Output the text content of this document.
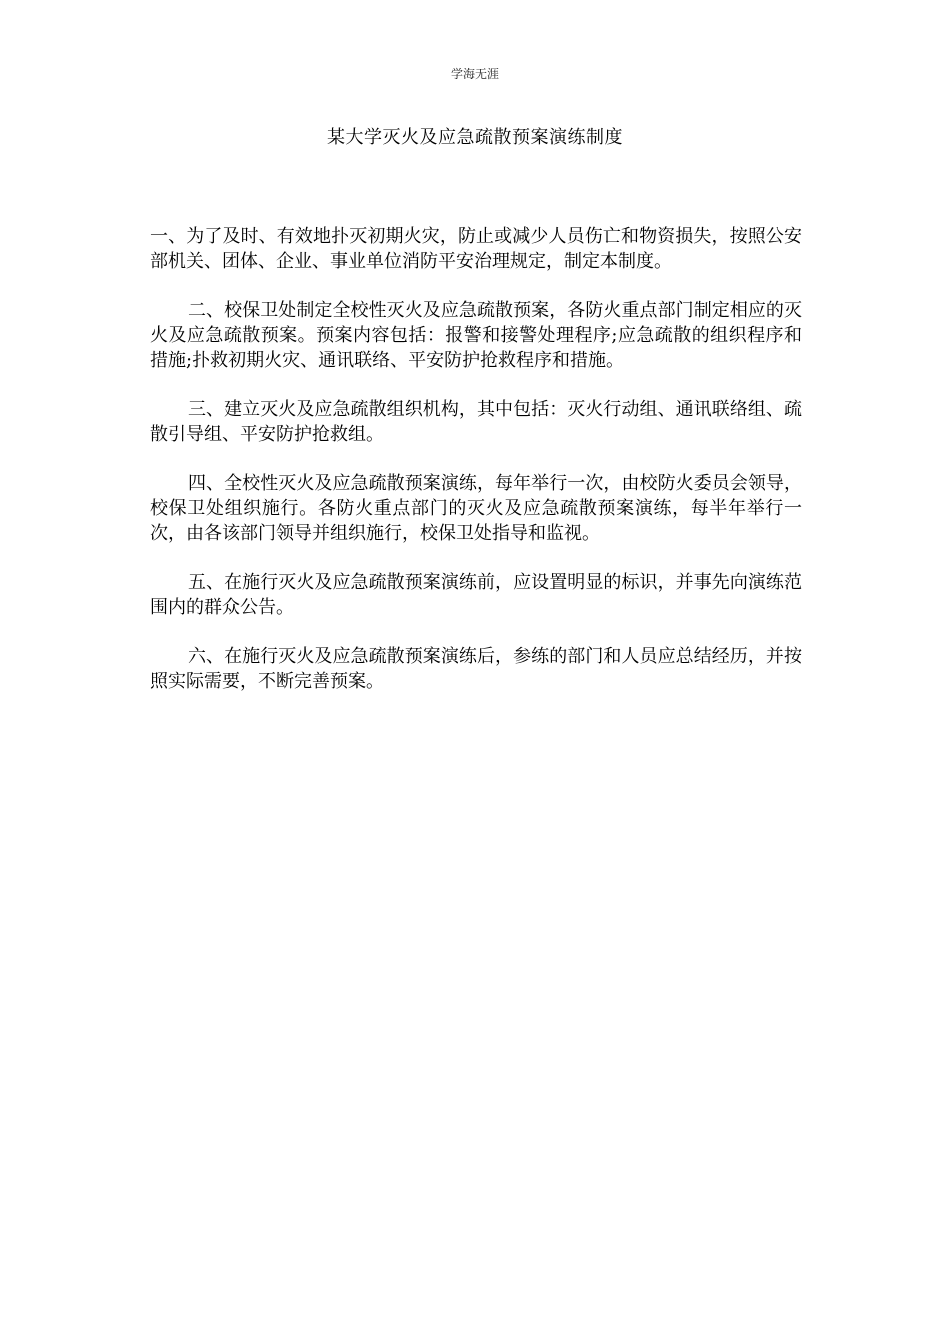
学海无涯
某大学灭火及应急疏散预案演练制度

一、为了及时、有效地扑灭初期火灾，防止或减少人员伤亡和物资损失，按照公安部机关、团体、企业、事业单位消防平安治理规定，制定本制度。

二、校保卫处制定全校性灭火及应急疏散预案，各防火重点部门制定相应的灭火及应急疏散预案。预案内容包括：报警和接警处理程序;应急疏散的组织程序和措施;扑救初期火灾、通讯联络、平安防护抢救程序和措施。

三、建立灭火及应急疏散组织机构，其中包括：灭火行动组、通讯联络组、疏散引导组、平安防护抢救组。

四、全校性灭火及应急疏散预案演练，每年举行一次，由校防火委员会领导，校保卫处组织施行。各防火重点部门的灭火及应急疏散预案演练，每半年举行一次，由各该部门领导并组织施行，校保卫处指导和监视。

五、在施行灭火及应急疏散预案演练前，应设置明显的标识，并事先向演练范围内的群众公告。

六、在施行灭火及应急疏散预案演练后，参练的部门和人员应总结经历，并按照实际需要，不断完善预案。
